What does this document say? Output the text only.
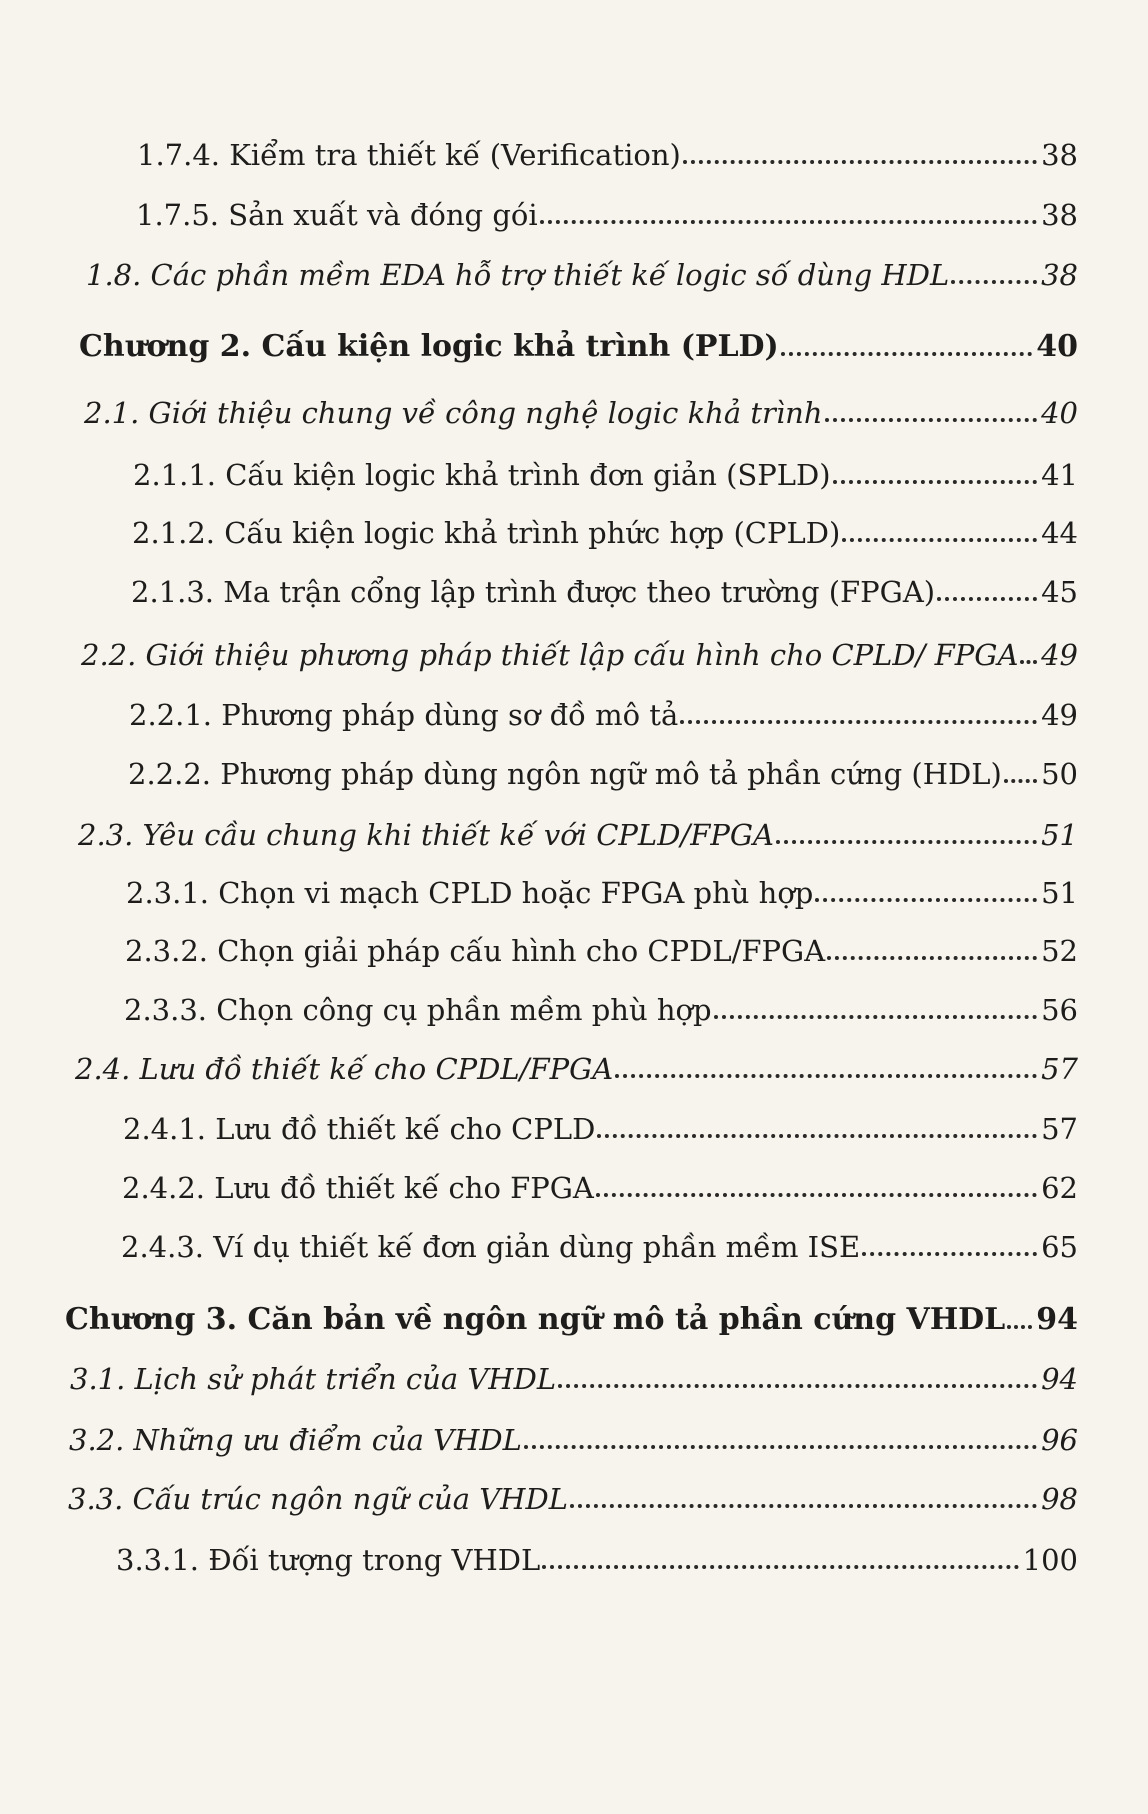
1.7.4. Kiểm tra thiết kế (Verification)	38
1.7.5. Sản xuất và đóng gói	38
1.8. Các phần mềm EDA hỗ trợ thiết kế logic số dùng HDL	38
Chương 2. Cấu kiện logic khả trình (PLD)	40
2.1. Giới thiệu chung về công nghệ logic khả trình	40
2.1.1. Cấu kiện logic khả trình đơn giản (SPLD)	41
2.1.2. Cấu kiện logic khả trình phức hợp (CPLD)	44
2.1.3. Ma trận cổng lập trình được theo trường (FPGA)	45
2.2. Giới thiệu phương pháp thiết lập cấu hình cho CPLD/ FPGA 49
2.2.1. Phương pháp dùng sơ đồ mô tả	49
2.2.2. Phương pháp dùng ngôn ngữ mô tả phần cứng (HDL) 50
2.3. Yêu cầu chung khi thiết kế với CPLD/FPGA	51
2.3.1. Chọn vi mạch CPLD hoặc FPGA phù hợp	51
2.3.2. Chọn giải pháp cấu hình cho CPDL/FPGA	52
2.3.3. Chọn công cụ phần mềm phù hợp	56
2.4. Lưu đồ thiết kế cho CPDL/FPGA	57
2.4.1. Lưu đồ thiết kế cho CPLD	57
2.4.2. Lưu đồ thiết kế cho FPGA	62
2.4.3. Ví dụ thiết kế đơn giản dùng phần mềm ISE	65
Chương 3. Căn bản về ngôn ngữ mô tả phần cứng VHDL 94
3.1. Lịch sử phát triển của VHDL	94
3.2. Những ưu điểm của VHDL	96
3.3. Cấu trúc ngôn ngữ của VHDL	98
3.3.1. Đối tượng trong VHDL	100
